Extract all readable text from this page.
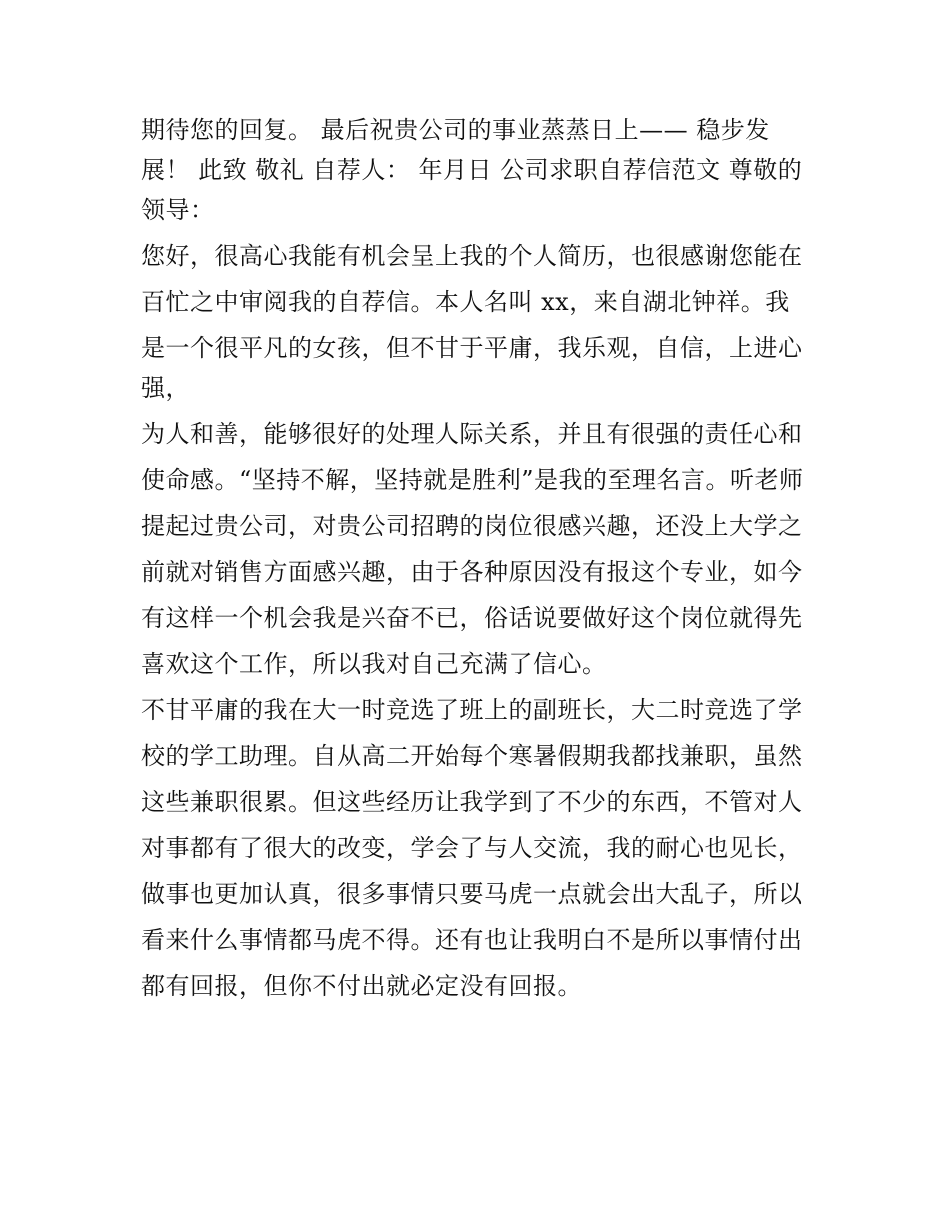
期待您的回复。 最后祝贵公司的事业蒸蒸日上—— 稳步发
展！ 此致 敬礼 自荐人： 年月日 公司求职自荐信范文 尊敬的
领导：
您好，很高心我能有机会呈上我的个人简历，也很感谢您能在
百忙之中审阅我的自荐信。本人名叫 xx，来自湖北钟祥。我
是一个很平凡的女孩，但不甘于平庸，我乐观，自信，上进心
强，
为人和善，能够很好的处理人际关系，并且有很强的责任心和
使命感。“坚持不解，坚持就是胜利”是我的至理名言。听老师
提起过贵公司，对贵公司招聘的岗位很感兴趣，还没上大学之
前就对销售方面感兴趣，由于各种原因没有报这个专业，如今
有这样一个机会我是兴奋不已，俗话说要做好这个岗位就得先
喜欢这个工作，所以我对自己充满了信心。
不甘平庸的我在大一时竞选了班上的副班长，大二时竞选了学
校的学工助理。自从高二开始每个寒暑假期我都找兼职，虽然
这些兼职很累。但这些经历让我学到了不少的东西，不管对人
对事都有了很大的改变，学会了与人交流，我的耐心也见长，
做事也更加认真，很多事情只要马虎一点就会出大乱子，所以
看来什么事情都马虎不得。还有也让我明白不是所以事情付出
都有回报，但你不付出就必定没有回报。
